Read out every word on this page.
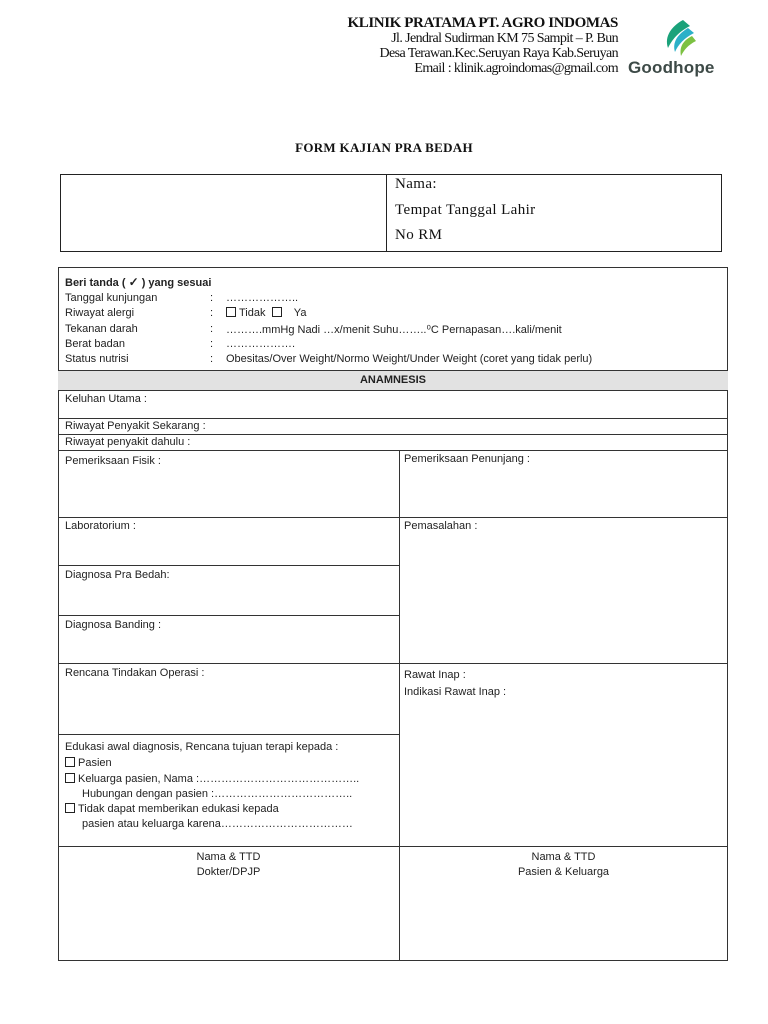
KLINIK PRATAMA PT. AGRO INDOMAS
Jl. Jendral Sudirman KM 75 Sampit – P. Bun
Desa Terawan.Kec.Seruyan Raya Kab.Seruyan
Email : klinik.agroindomas@gmail.com Goodhope
FORM KAJIAN PRA BEDAH
Nama:
Tempat Tanggal Lahir
No RM
Beri tanda ( ✓ ) yang sesuai
Tanggal kunjungan	: ………………..
Riwayat alergi	:	Tidak	Ya
Tekanan darah	: ……….mmHg Nadi …x/menit Suhu……..⁰C Pernapasan….kali/menit
Berat badan	: ……………….
Status nutrisi	: Obesitas/Over Weight/Normo Weight/Under Weight (coret yang tidak perlu)
ANAMNESIS
Keluhan Utama :
Riwayat Penyakit Sekarang :
Riwayat penyakit dahulu :
Pemeriksaan Fisik :
Laboratorium :
Diagnosa Pra Bedah:
Diagnosa Banding :
Rencana Tindakan Operasi :
Edukasi awal diagnosis, Rencana tujuan terapi kepada :
Pasien
Keluarga pasien, Nama :……………………………………..
Hubungan dengan pasien :………………………………..
Tidak dapat memberikan edukasi kepada
pasien atau keluarga karena………………………………
Pemeriksaan Penunjang :
Pemasalahan :
Rawat Inap :
Indikasi Rawat Inap :
Nama & TTD
Dokter/DPJP
Nama & TTD
Pasien & Keluarga
